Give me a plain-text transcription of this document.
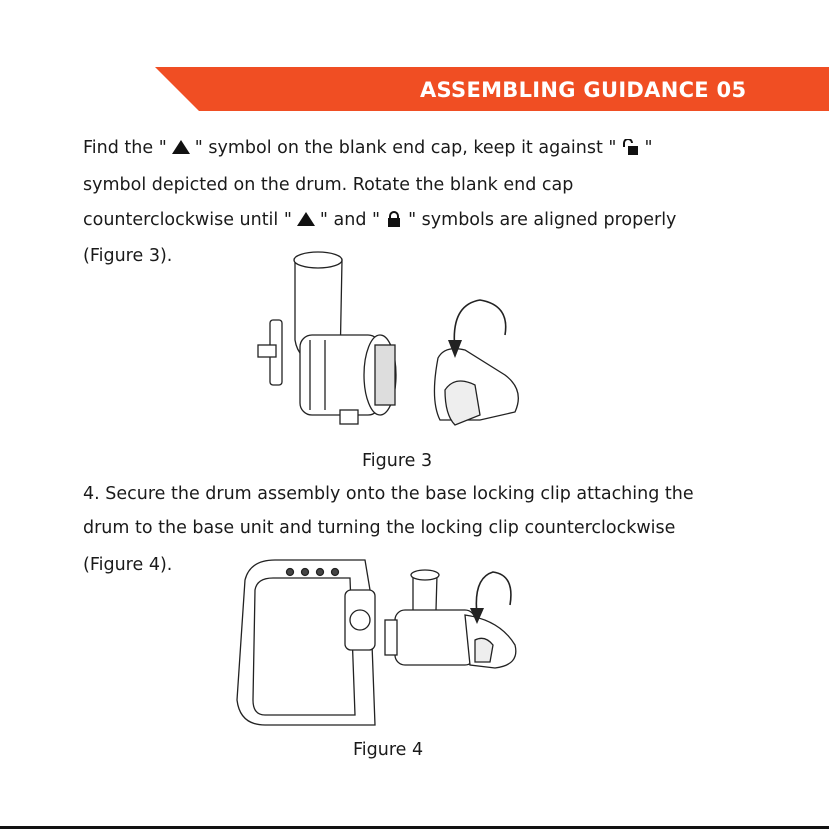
ASSEMBLING GUIDANCE 05
Find the " " symbol on the blank end cap, keep it against " "
symbol depicted on the drum. Rotate the blank end cap
counterclockwise until " " and " " symbols are aligned properly
(Figure 3).
Figure 3
4. Secure the drum assembly onto the base locking clip attaching the
drum to the base unit and turning the locking clip counterclockwise
(Figure 4).
Figure 4
